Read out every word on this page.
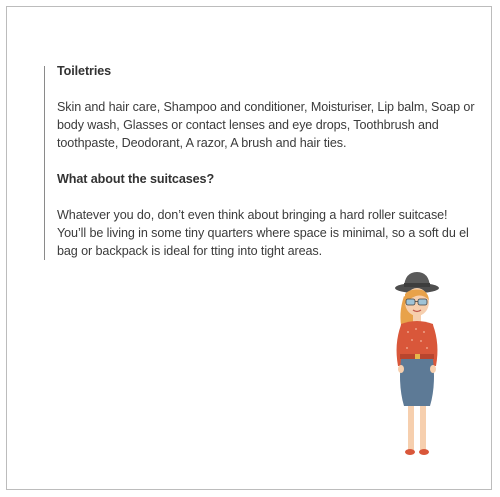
Toiletries

Skin and hair care, Shampoo and conditioner, Moisturiser, Lip balm, Soap or body wash, Glasses or contact lenses and eye drops, Toothbrush and toothpaste, Deodorant, A razor, A brush and hair ties.

What about the suitcases?

Whatever you do, don’t even think about bringing a hard roller suitcase! You’ll be living in some tiny quarters where space is minimal, so a soft du el bag or backpack is ideal for tting into tight areas.
